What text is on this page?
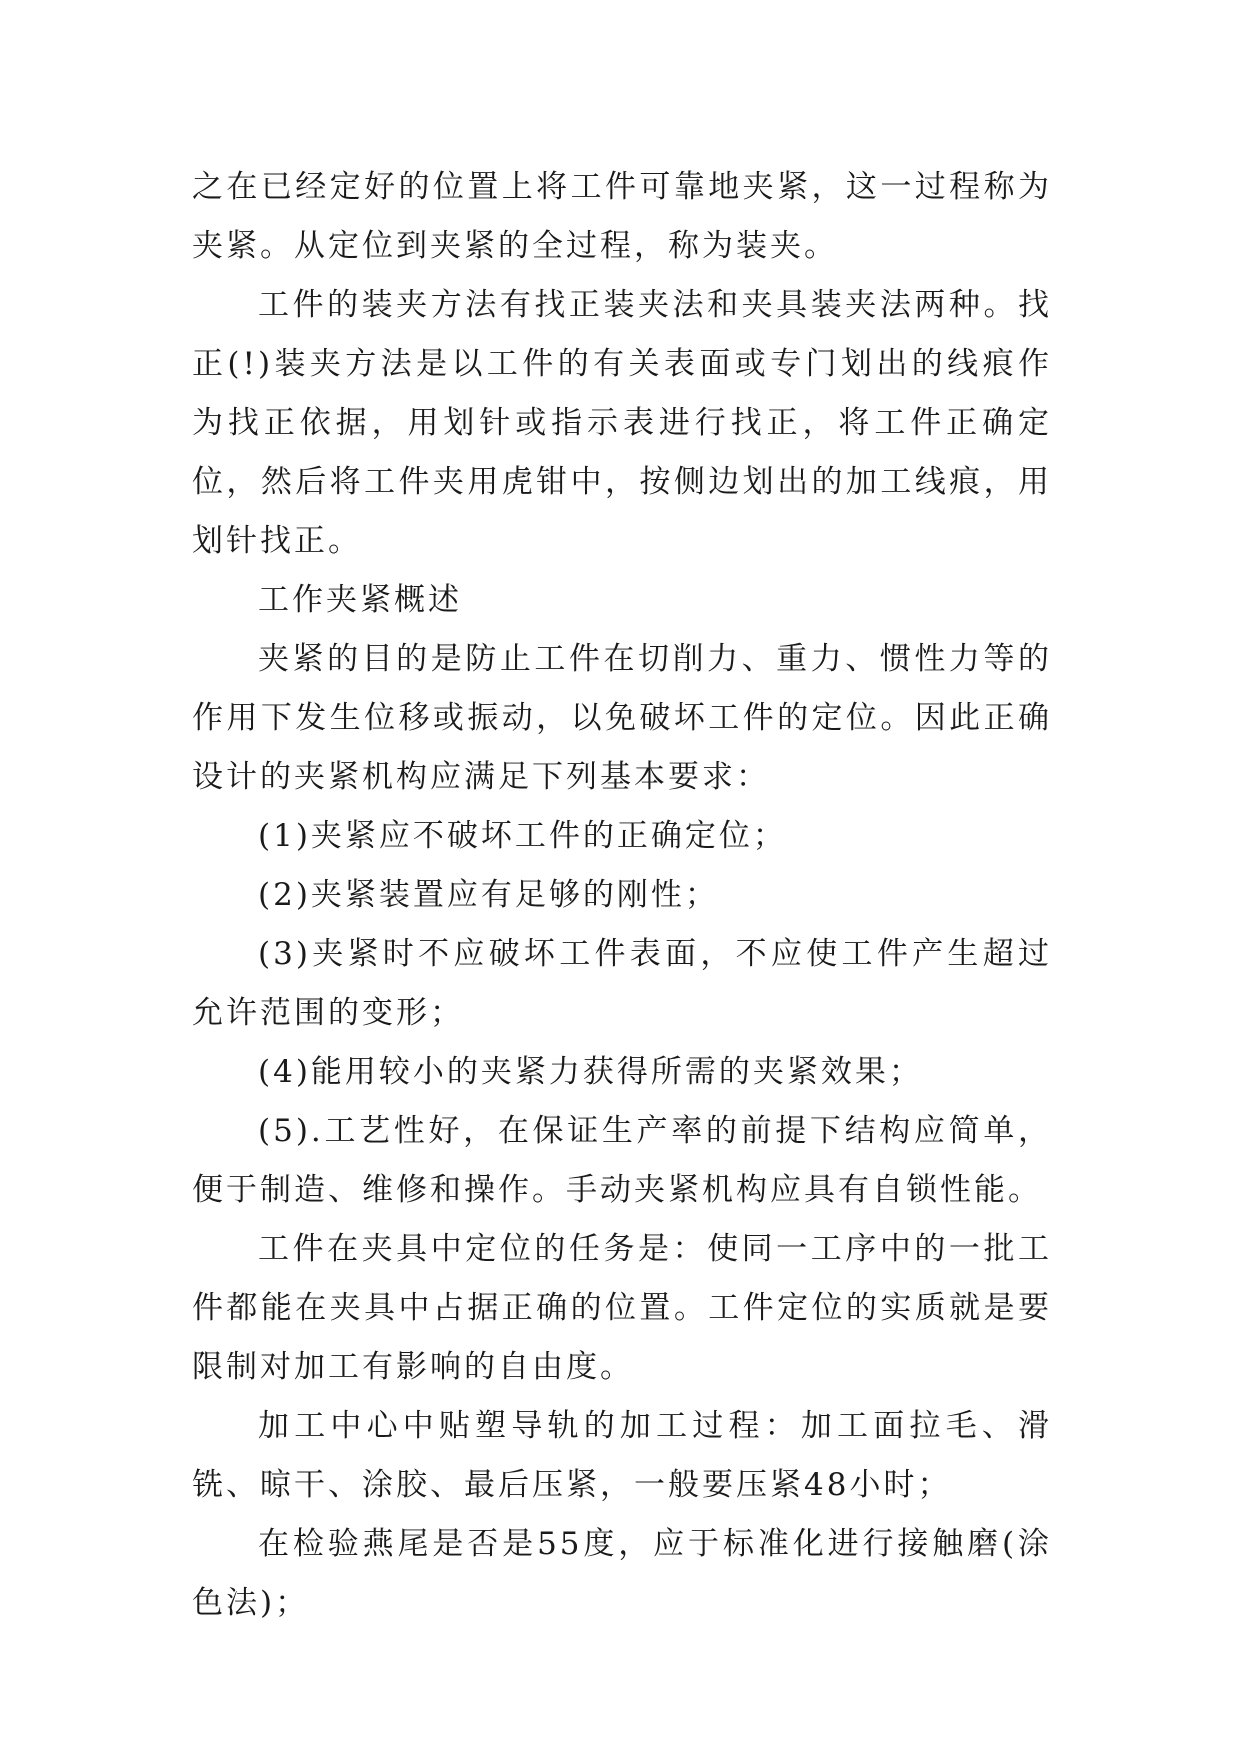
之在已经定好的位置上将工件可靠地夹紧，这一过程称为夹紧。从定位到夹紧的全过程，称为装夹。

工件的装夹方法有找正装夹法和夹具装夹法两种。找正(!)装夹方法是以工件的有关表面或专门划出的线痕作为找正依据，用划针或指示表进行找正，将工件正确定位，然后将工件夹用虎钳中，按侧边划出的加工线痕，用划针找正。

工作夹紧概述

夹紧的目的是防止工件在切削力、重力、惯性力等的作用下发生位移或振动，以免破坏工件的定位。因此正确设计的夹紧机构应满足下列基本要求：

(1)夹紧应不破坏工件的正确定位；

(2)夹紧装置应有足够的刚性；

(3)夹紧时不应破坏工件表面，不应使工件产生超过允许范围的变形；

(4)能用较小的夹紧力获得所需的夹紧效果；

(5).工艺性好，在保证生产率的前提下结构应简单，便于制造、维修和操作。手动夹紧机构应具有自锁性能。

工件在夹具中定位的任务是：使同一工序中的一批工件都能在夹具中占据正确的位置。工件定位的实质就是要限制对加工有影响的自由度。

加工中心中贴塑导轨的加工过程：加工面拉毛、滑铣、晾干、涂胶、最后压紧，一般要压紧48小时；

在检验燕尾是否是55度，应于标准化进行接触磨(涂色法)；
